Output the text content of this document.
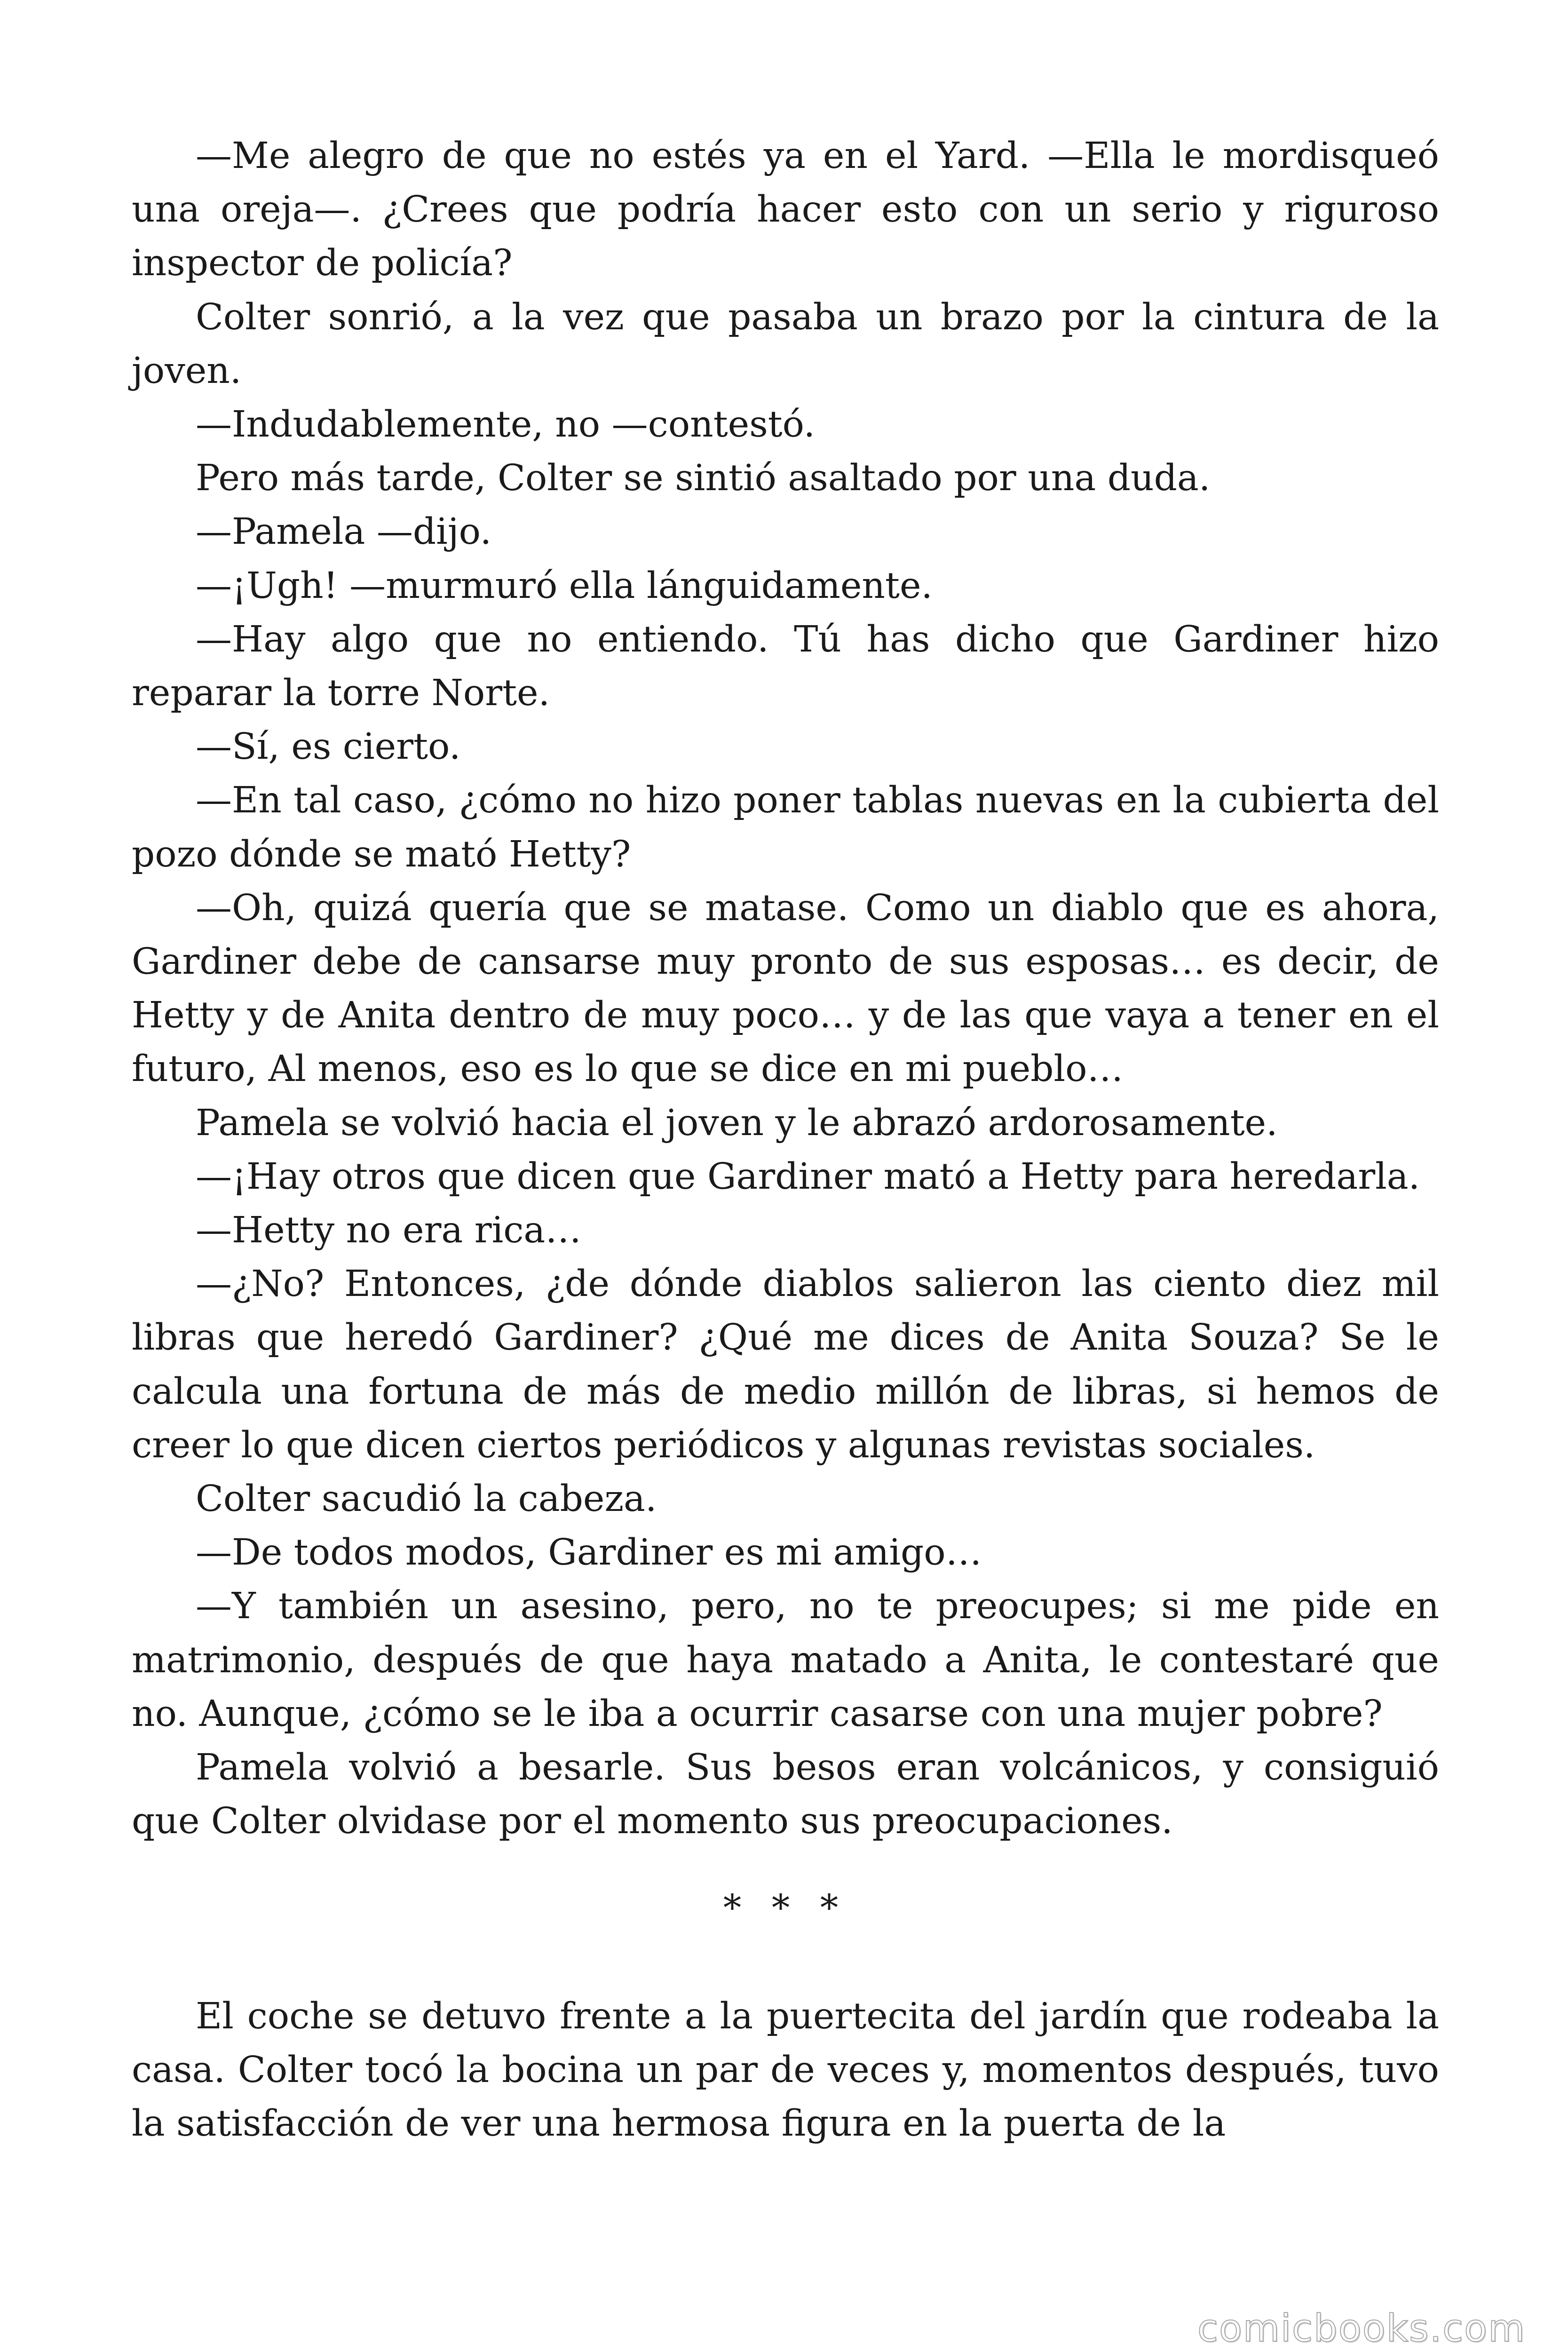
—Me alegro de que no estés ya en el Yard. —Ella le mordisqueó una oreja—. ¿Crees que podría hacer esto con un serio y riguroso inspector de policía?

Colter sonrió, a la vez que pasaba un brazo por la cintura de la joven.

—Indudablemente, no —contestó.

Pero más tarde, Colter se sintió asaltado por una duda.

—Pamela —dijo.

—¡Ugh! —murmuró ella lánguidamente.

—Hay algo que no entiendo. Tú has dicho que Gardiner hizo reparar la torre Norte.

—Sí, es cierto.

—En tal caso, ¿cómo no hizo poner tablas nuevas en la cubierta del pozo dónde se mató Hetty?

—Oh, quizá quería que se matase. Como un diablo que es ahora, Gardiner debe de cansarse muy pronto de sus esposas… es decir, de Hetty y de Anita dentro de muy poco… y de las que vaya a tener en el futuro, Al menos, eso es lo que se dice en mi pueblo…

Pamela se volvió hacia el joven y le abrazó ardorosamente.

—¡Hay otros que dicen que Gardiner mató a Hetty para heredarla.

—Hetty no era rica…

—¿No? Entonces, ¿de dónde diablos salieron las ciento diez mil libras que heredó Gardiner? ¿Qué me dices de Anita Souza? Se le calcula una fortuna de más de medio millón de libras, si hemos de creer lo que dicen ciertos periódicos y algunas revistas sociales.

Colter sacudió la cabeza.

—De todos modos, Gardiner es mi amigo…

—Y también un asesino, pero, no te preocupes; si me pide en matrimonio, después de que haya matado a Anita, le contestaré que no. Aunque, ¿cómo se le iba a ocurrir casarse con una mujer pobre?

Pamela volvió a besarle. Sus besos eran volcánicos, y consiguió que Colter olvidase por el momento sus preocupaciones.

* * *

El coche se detuvo frente a la puertecita del jardín que rodeaba la casa. Colter tocó la bocina un par de veces y, momentos después, tuvo la satisfacción de ver una hermosa figura en la puerta de la

comicbooks.com
